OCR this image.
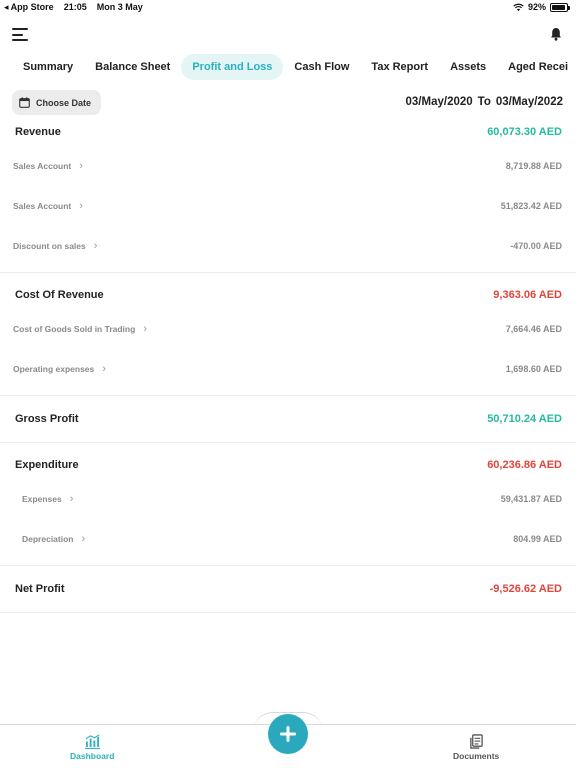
◂ App Store 21:05 Mon 3 May	92%
Summary	Balance Sheet	Profit and Loss	Cash Flow	Tax Report	Assets	Aged Recei
Choose Date	03/May/2020 To 03/May/2022
Revenue	60,073.30 AED
Sales Account ›	8,719.88 AED
Sales Account ›	51,823.42 AED
Discount on sales ›	-470.00 AED
Cost Of Revenue	9,363.06 AED
Cost of Goods Sold in Trading ›	7,664.46 AED
Operating expenses ›	1,698.60 AED
Gross Profit	50,710.24 AED
Expenditure	60,236.86 AED
Expenses ›	59,431.87 AED
Depreciation ›	804.99 AED
Net Profit	-9,526.62 AED
Dashboard	Documents
